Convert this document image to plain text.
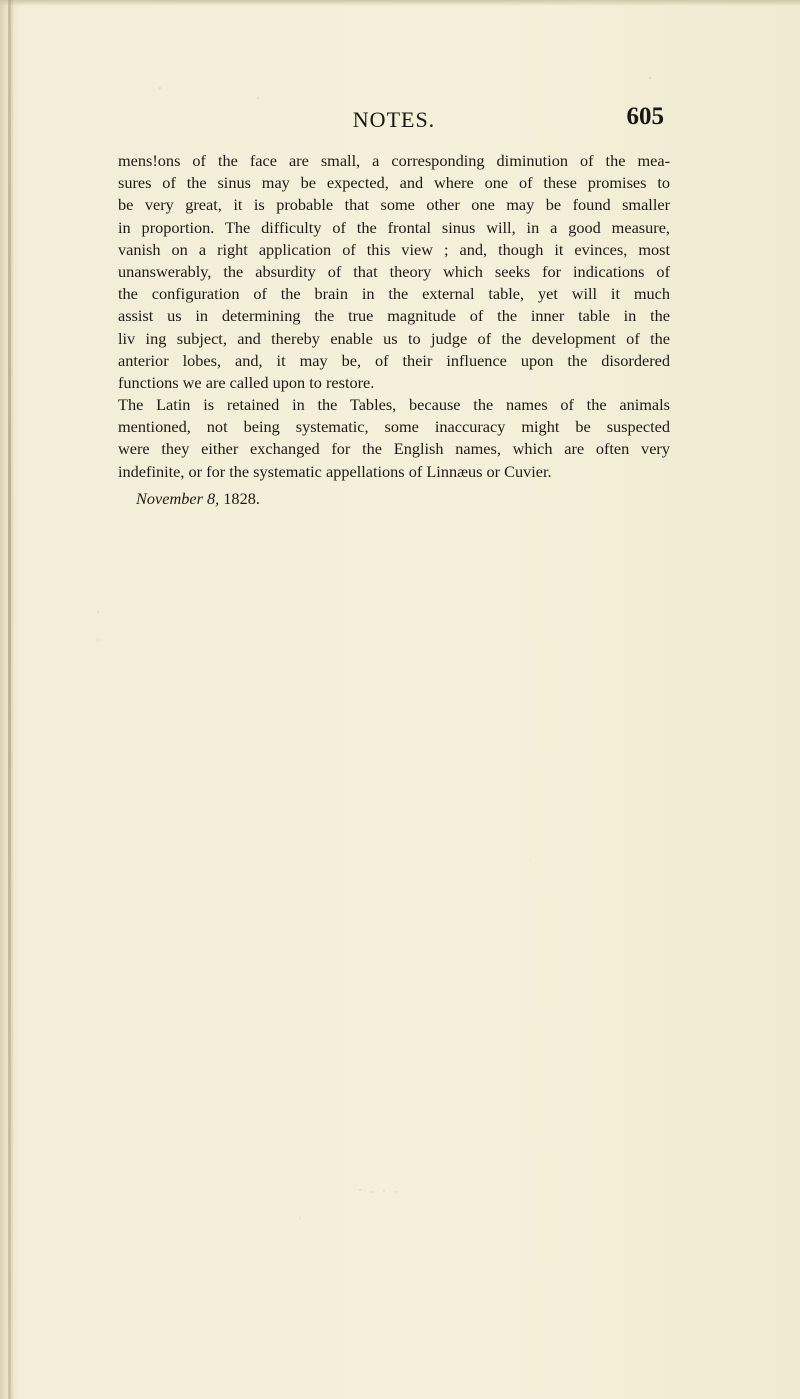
NOTES.	605
mens!ons of the face are small, a corresponding diminution of the mea-
sures of the sinus may be expected, and where one of these promises to
be very great, it is probable that some other one may be found smaller
in proportion. The difficulty of the frontal sinus will, in a good measure,
vanish on a right application of this view ; and, though it evinces, most
unanswerably, the absurdity of that theory which seeks for indications of
the configuration of the brain in the external table, yet will it much
assist us in determining the true magnitude of the inner table in the
liv ing subject, and thereby enable us to judge of the development of the
anterior lobes, and, it may be, of their influence upon the disordered
functions we are called upon to restore.
The Latin is retained in the Tables, because the names of the animals
mentioned, not being systematic, some inaccuracy might be suspected
were they either exchanged for the English names, which are often very
indefinite, or for the systematic appellations of Linnæus or Cuvier.
November 8, 1828.
